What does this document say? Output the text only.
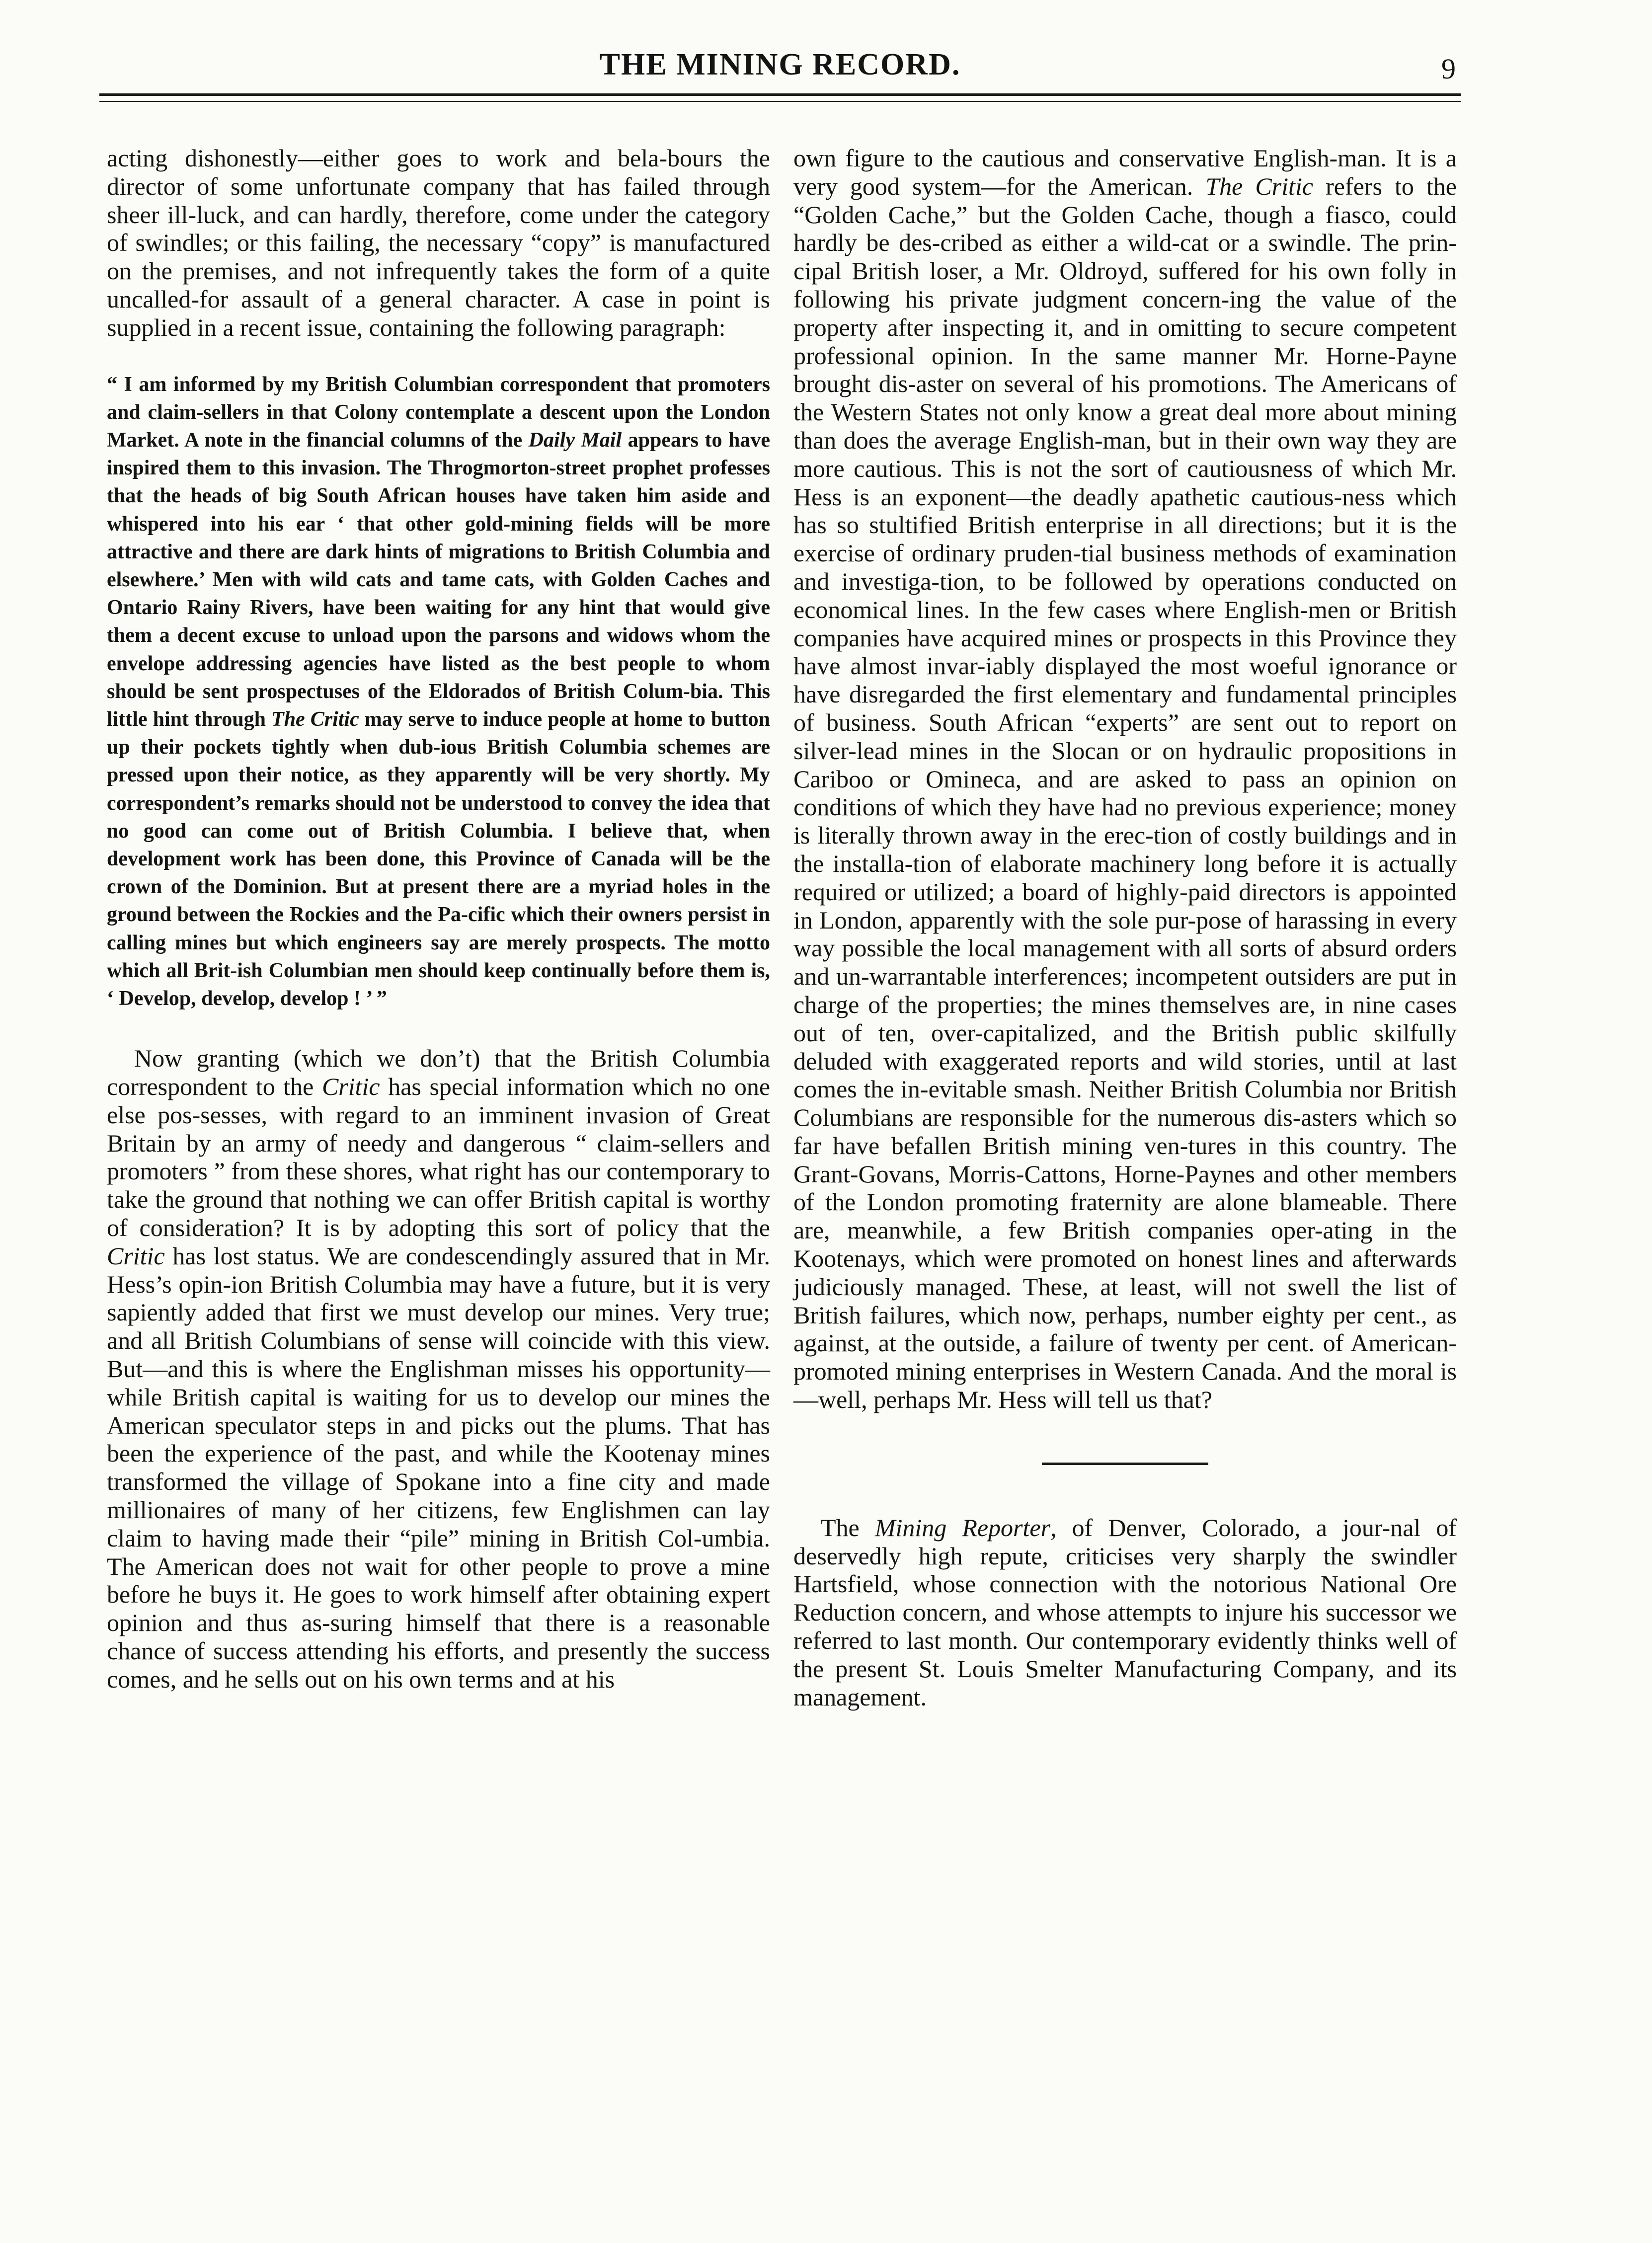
THE MINING RECORD.	9

acting dishonestly—either goes to work and bela-bours the director of some unfortunate company that has failed through sheer ill-luck, and can hardly, therefore, come under the category of swindles; or this failing, the necessary “copy” is manufactured on the premises, and not infrequently takes the form of a quite uncalled-for assault of a general character. A case in point is supplied in a recent issue, containing the following paragraph:

“ I am informed by my British Columbian correspondent that promoters and claim-sellers in that Colony contemplate a descent upon the London Market. A note in the financial columns of the Daily Mail appears to have inspired them to this invasion. The Throgmorton-street prophet professes that the heads of big South African houses have taken him aside and whispered into his ear ‘ that other gold-mining fields will be more attractive and there are dark hints of migrations to British Columbia and elsewhere.’ Men with wild cats and tame cats, with Golden Caches and Ontario Rainy Rivers, have been waiting for any hint that would give them a decent excuse to unload upon the parsons and widows whom the envelope addressing agencies have listed as the best people to whom should be sent prospectuses of the Eldorados of British Colum-bia. This little hint through The Critic may serve to induce people at home to button up their pockets tightly when dub-ious British Columbia schemes are pressed upon their notice, as they apparently will be very shortly. My correspondent’s remarks should not be understood to convey the idea that no good can come out of British Columbia. I believe that, when development work has been done, this Province of Canada will be the crown of the Dominion. But at present there are a myriad holes in the ground between the Rockies and the Pa-cific which their owners persist in calling mines but which engineers say are merely prospects. The motto which all Brit-ish Columbian men should keep continually before them is, ‘ Develop, develop, develop ! ’ ”

Now granting (which we don’t) that the British Columbia correspondent to the Critic has special information which no one else pos-sesses, with regard to an imminent invasion of Great Britain by an army of needy and dangerous “ claim-sellers and promoters ” from these shores, what right has our contemporary to take the ground that nothing we can offer British capital is worthy of consideration? It is by adopting this sort of policy that the Critic has lost status. We are condescendingly assured that in Mr. Hess’s opin-ion British Columbia may have a future, but it is very sapiently added that first we must develop our mines. Very true; and all British Columbians of sense will coincide with this view. But—and this is where the Englishman misses his opportunity—while British capital is waiting for us to develop our mines the American speculator steps in and picks out the plums. That has been the experience of the past, and while the Kootenay mines transformed the village of Spokane into a fine city and made millionaires of many of her citizens, few Englishmen can lay claim to having made their “pile” mining in British Col-umbia. The American does not wait for other people to prove a mine before he buys it. He goes to work himself after obtaining expert opinion and thus as-suring himself that there is a reasonable chance of success attending his efforts, and presently the success comes, and he sells out on his own terms and at his

own figure to the cautious and conservative English-man. It is a very good system—for the American. The Critic refers to the “Golden Cache,” but the Golden Cache, though a fiasco, could hardly be des-cribed as either a wild-cat or a swindle. The prin-cipal British loser, a Mr. Oldroyd, suffered for his own folly in following his private judgment concern-ing the value of the property after inspecting it, and in omitting to secure competent professional opinion. In the same manner Mr. Horne-Payne brought dis-aster on several of his promotions. The Americans of the Western States not only know a great deal more about mining than does the average English-man, but in their own way they are more cautious. This is not the sort of cautiousness of which Mr. Hess is an exponent—the deadly apathetic cautious-ness which has so stultified British enterprise in all directions; but it is the exercise of ordinary pruden-tial business methods of examination and investiga-tion, to be followed by operations conducted on economical lines. In the few cases where English-men or British companies have acquired mines or prospects in this Province they have almost invar-iably displayed the most woeful ignorance or have disregarded the first elementary and fundamental principles of business. South African “experts” are sent out to report on silver-lead mines in the Slocan or on hydraulic propositions in Cariboo or Omineca, and are asked to pass an opinion on conditions of which they have had no previous experience; money is literally thrown away in the erec-tion of costly buildings and in the installa-tion of elaborate machinery long before it is actually required or utilized; a board of highly-paid directors is appointed in London, apparently with the sole pur-pose of harassing in every way possible the local management with all sorts of absurd orders and un-warrantable interferences; incompetent outsiders are put in charge of the properties; the mines themselves are, in nine cases out of ten, over-capitalized, and the British public skilfully deluded with exaggerated reports and wild stories, until at last comes the in-evitable smash. Neither British Columbia nor British Columbians are responsible for the numerous dis-asters which so far have befallen British mining ven-tures in this country. The Grant-Govans, Morris-Cattons, Horne-Paynes and other members of the London promoting fraternity are alone blameable. There are, meanwhile, a few British companies oper-ating in the Kootenays, which were promoted on honest lines and afterwards judiciously managed. These, at least, will not swell the list of British failures, which now, perhaps, number eighty per cent., as against, at the outside, a failure of twenty per cent. of American-promoted mining enterprises in Western Canada. And the moral is—well, perhaps Mr. Hess will tell us that?

The Mining Reporter, of Denver, Colorado, a jour-nal of deservedly high repute, criticises very sharply the swindler Hartsfield, whose connection with the notorious National Ore Reduction concern, and whose attempts to injure his successor we referred to last month. Our contemporary evidently thinks well of the present St. Louis Smelter Manufacturing Company, and its management.
